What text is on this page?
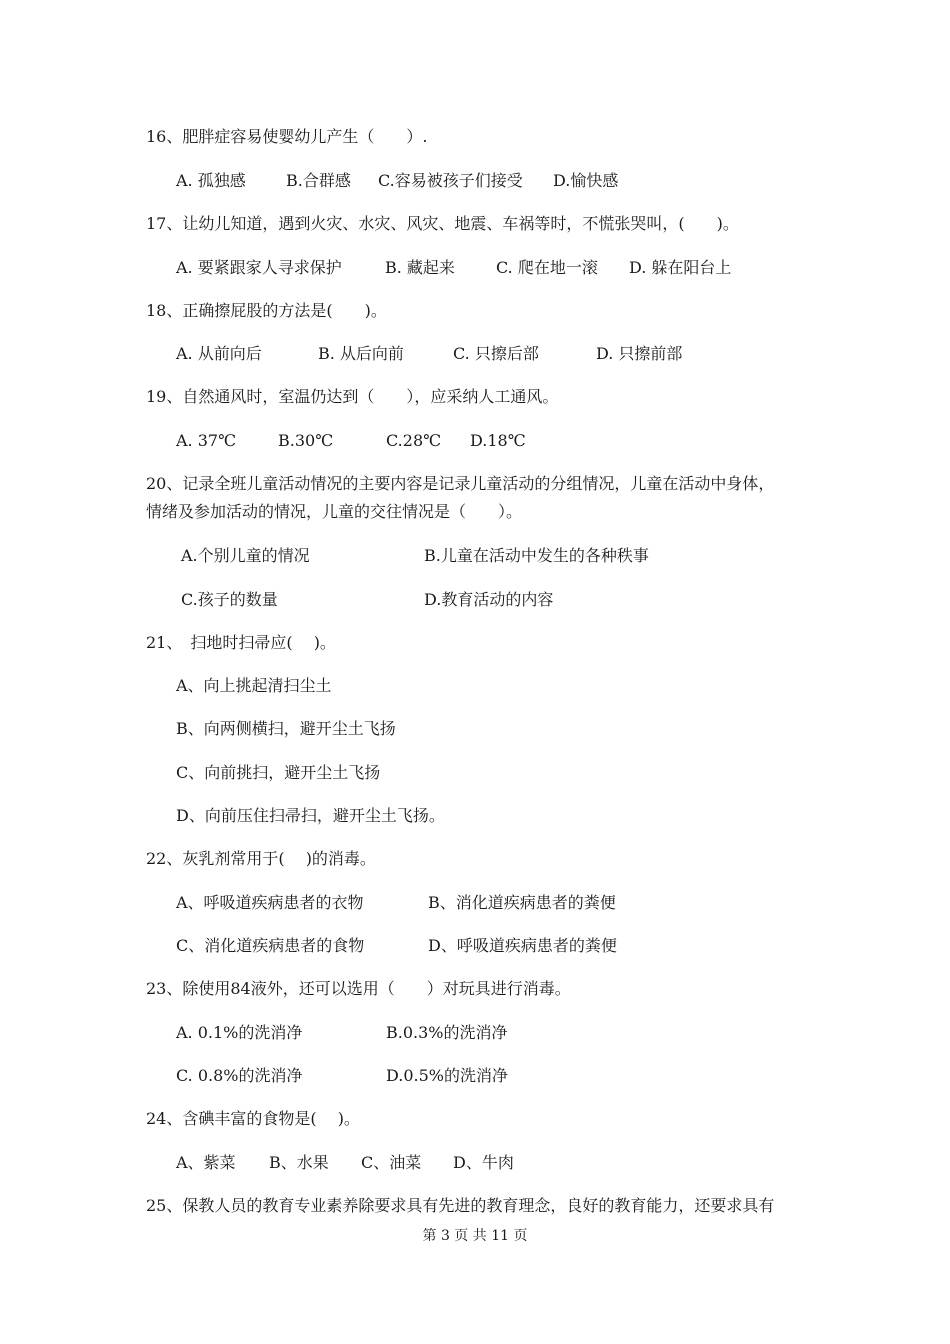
16、肥胖症容易使婴幼儿产生（　　）.
A. 孤独感	B.合群感 C.容易被孩子们接受 D.愉快感
17、让幼儿知道，遇到火灾、水灾、风灾、地震、车祸等时，不慌张哭叫，(　　)。
A. 要紧跟家人寻求保护	B. 藏起来	C. 爬在地一滚 D. 躲在阳台上
18、正确擦屁股的方法是(　　)。
A. 从前向后	B. 从后向前	C. 只擦后部	D. 只擦前部
19、自然通风时，室温仍达到（　　），应采纳人工通风。
A. 37℃	B.30℃	C.28℃ D.18℃
20、记录全班儿童活动情况的主要内容是记录儿童活动的分组情况，儿童在活动中身体，
情绪及参加活动的情况，儿童的交往情况是（　　）。
A.个别儿童的情况	B.儿童在活动中发生的各种秩事
C.孩子的数量	D.教育活动的内容
21、　扫地时扫帚应(　 )。
A、向上挑起清扫尘土
B、向两侧横扫，避开尘土飞扬
C、向前挑扫，避开尘土飞扬
D、向前压住扫帚扫，避开尘土飞扬。
22、灰乳剂常用于(　 )的消毒。
A、呼吸道疾病患者的衣物	B、消化道疾病患者的粪便
C、消化道疾病患者的食物	D、呼吸道疾病患者的粪便
23、除使用84液外，还可以选用（　　）对玩具进行消毒。
A. 0.1%的洗消净	B.0.3%的洗消净
C. 0.8%的洗消净	D.0.5%的洗消净
24、含碘丰富的食物是(　 )。
A、紫菜 B、水果 C、油菜 D、牛肉
25、保教人员的教育专业素养除要求具有先进的教育理念，良好的教育能力，还要求具有
第 3 页 共 11 页
